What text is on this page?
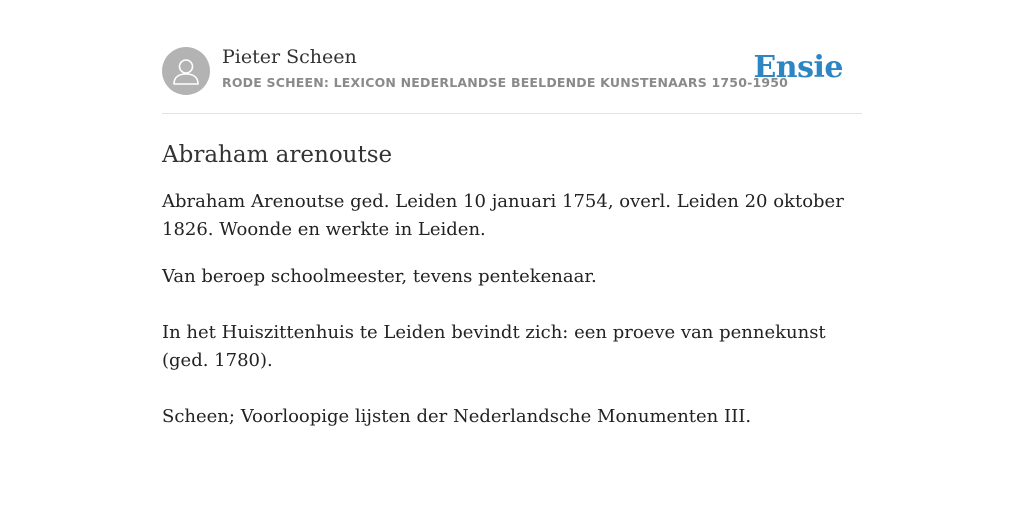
Pieter Scheen
RODE SCHEEN: LEXICON NEDERLANDSE BEELDENDE KUNSTENAARS 1750-1950
Ensie
Abraham arenoutse

Abraham Arenoutse ged. Leiden 10 januari 1754, overl. Leiden 20 oktober 1826. Woonde en werkte in Leiden.

Van beroep schoolmeester, tevens pentekenaar.

In het Huiszittenhuis te Leiden bevindt zich: een proeve van pennekunst (ged. 1780).

Scheen; Voorloopige lijsten der Nederlandsche Monumenten III.
